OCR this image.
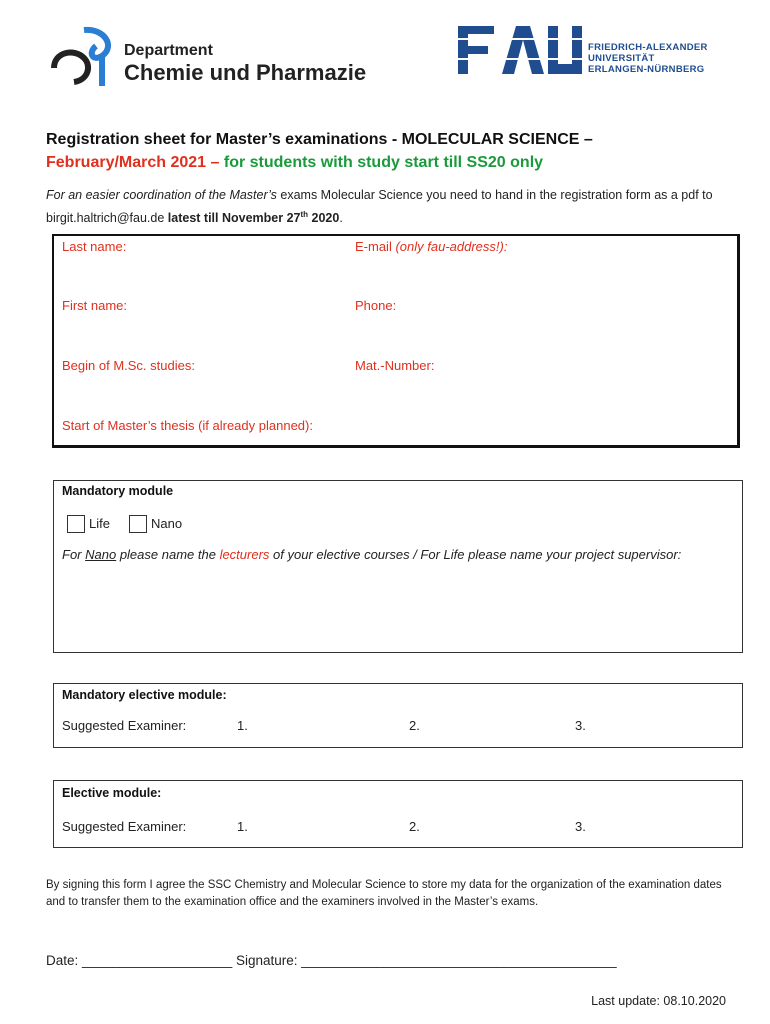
Department
Chemie und Pharmazie
FRIEDRICH-ALEXANDER
UNIVERSITÄT
ERLANGEN-NÜRNBERG
Registration sheet for Master’s examinations - MOLECULAR SCIENCE –
February/March 2021 – for students with study start till SS20 only
For an easier coordination of the Master’s exams Molecular Science you need to hand in the registration form as a pdf to birgit.haltrich@fau.de latest till November 27th 2020.
Last name:	E-mail (only fau-address!):
First name:	Phone:
Begin of M.Sc. studies:	Mat.-Number:
Start of Master’s thesis (if already planned):
Mandatory module
Life	Nano
For Nano please name the lecturers of your elective courses / For Life please name your project supervisor:
Mandatory elective module:
Suggested Examiner:	1.	2.	3.
Elective module:
Suggested Examiner:	1.	2.	3.
By signing this form I agree the SSC Chemistry and Molecular Science to store my data for the organization of the examination dates and to transfer them to the examination office and the examiners involved in the Master’s exams.
Date: ____________________ Signature: __________________________________________
Last update: 08.10.2020
